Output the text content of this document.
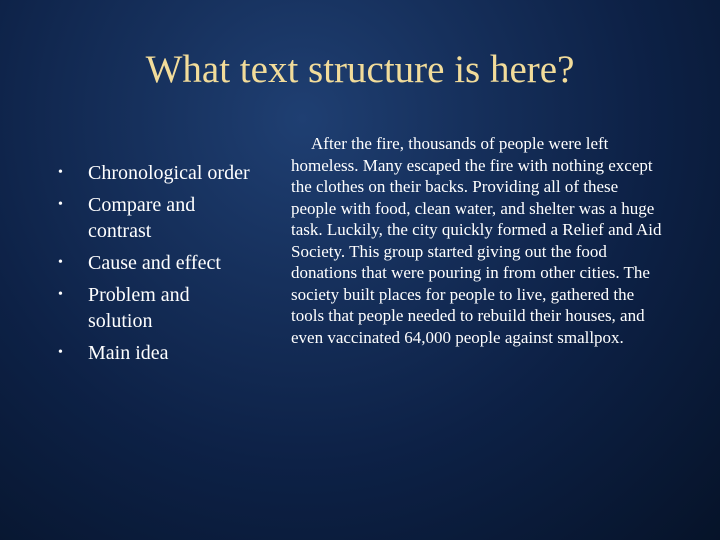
What text structure is here?
• Chronological order
• Compare and contrast
• Cause and effect
• Problem and solution
• Main idea

After the fire, thousands of people were left homeless. Many escaped the fire with nothing except the clothes on their backs. Providing all of these people with food, clean water, and shelter was a huge task. Luckily, the city quickly formed a Relief and Aid Society. This group started giving out the food donations that were pouring in from other cities. The society built places for people to live, gathered the tools that people needed to rebuild their houses, and even vaccinated 64,000 people against smallpox.
